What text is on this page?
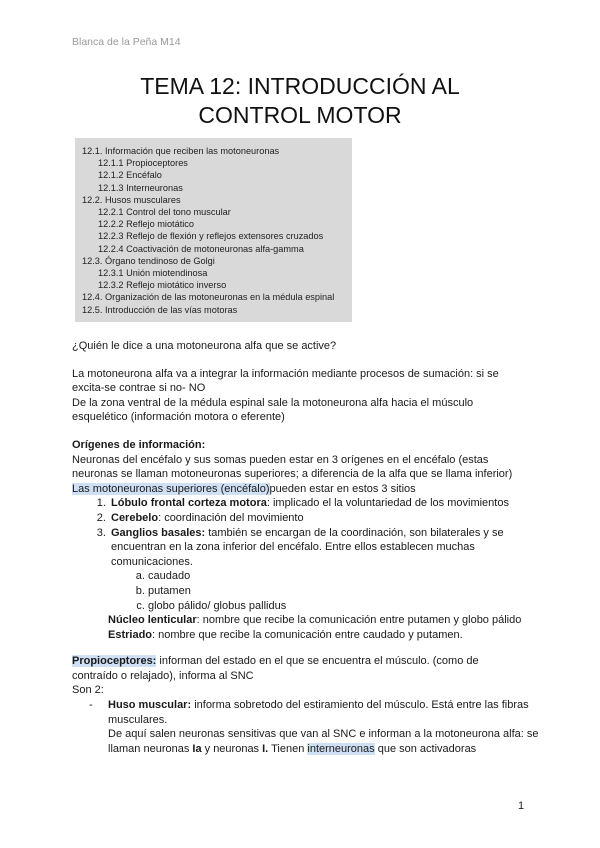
Blanca de la Peña M14
TEMA 12: INTRODUCCIÓN AL
CONTROL MOTOR
12.1. Información que reciben las motoneuronas
12.1.1 Propioceptores
12.1.2 Encéfalo
12.1.3 Interneuronas
12.2. Husos musculares
12.2.1 Control del tono muscular
12.2.2 Reflejo miotático
12.2.3 Reflejo de flexión y reflejos extensores cruzados
12.2.4 Coactivación de motoneuronas alfa-gamma
12.3. Órgano tendinoso de Golgi
12.3.1 Unión miotendinosa
12.3.2 Reflejo miotático inverso
12.4. Organización de las motoneuronas en la médula espinal
12.5. Introducción de las vías motoras

¿Quién le dice a una motoneurona alfa que se active?

La motoneurona alfa va a integrar la información mediante procesos de sumación: si se

excita-se contrae si no- NO

De la zona ventral de la médula espinal sale la motoneurona alfa hacia el músculo

esquelético (información motora o eferente)

Orígenes de información:

Neuronas del encéfalo y sus somas pueden estar en 3 orígenes en el encéfalo (estas

neuronas se llaman motoneuronas superiores; a diferencia de la alfa que se llama inferior)

Las motoneuronas superiores (encéfalo)pueden estar en estos 3 sitios

1. Lóbulo frontal corteza motora: implicado el la voluntariedad de los movimientos
2. Cerebelo: coordinación del movimiento
3. Ganglios basales: también se encargan de la coordinación, son bilaterales y se encuentran en la zona inferior del encéfalo. Entre ellos establecen muchas comunicaciones.
a. caudado
b. putamen
c. globo pálido/ globus pallidus

Núcleo lenticular: nombre que recibe la comunicación entre putamen y globo pálido

Estriado: nombre que recibe la comunicación entre caudado y putamen.

Propioceptores: informan del estado en el que se encuentra el músculo. (como de

contraído o relajado), informa al SNC

Son 2:

- Huso muscular: informa sobretodo del estiramiento del músculo. Está entre las fibras musculares.
De aquí salen neuronas sensitivas que van al SNC e informan a la motoneurona alfa: se llaman neuronas Ia y neuronas I. Tienen interneuronas que son activadoras
1
